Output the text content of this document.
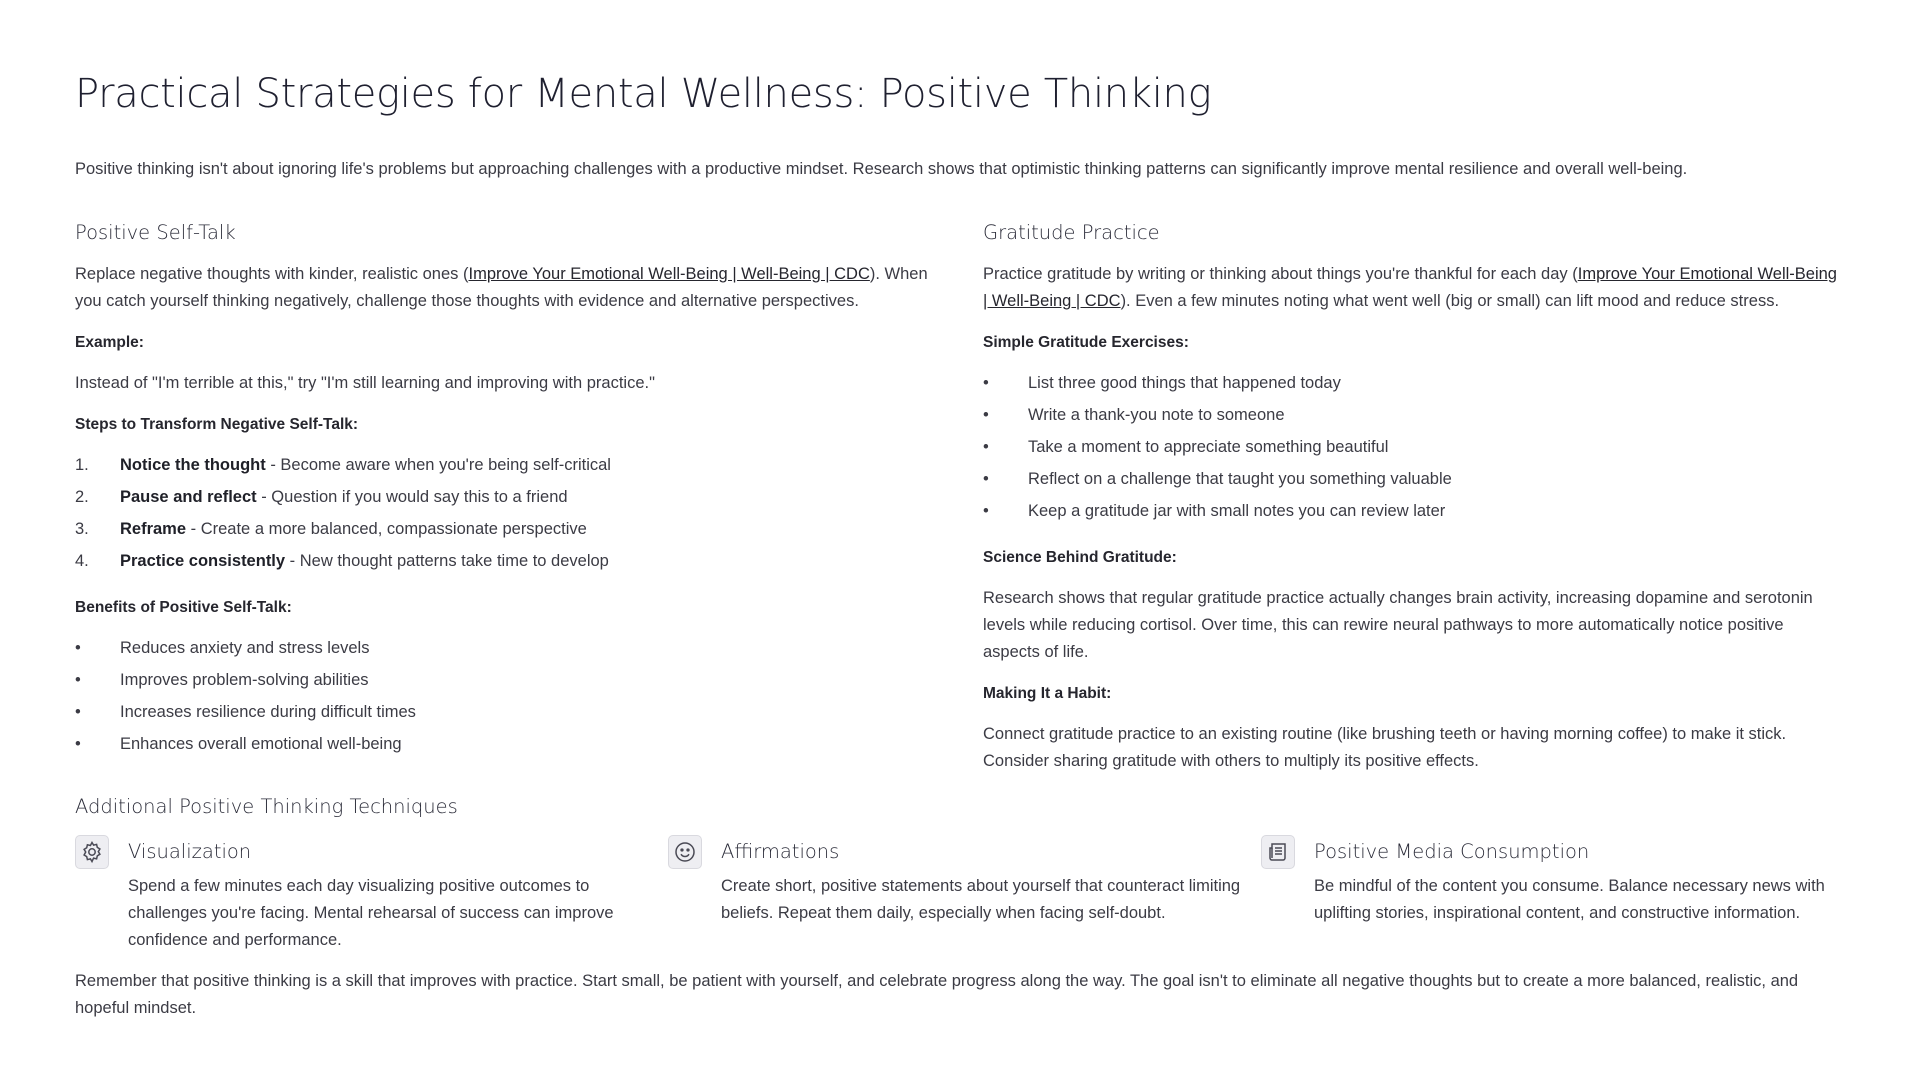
Practical Strategies for Mental Wellness: Positive Thinking

Positive thinking isn't about ignoring life's problems but approaching challenges with a productive mindset. Research shows that optimistic thinking patterns can significantly improve mental resilience and overall well-being.

Positive Self-Talk

Replace negative thoughts with kinder, realistic ones (Improve Your Emotional Well-Being | Well-Being | CDC). When you catch yourself thinking negatively, challenge those thoughts with evidence and alternative perspectives.

Example:

Instead of "I'm terrible at this," try "I'm still learning and improving with practice."

Steps to Transform Negative Self-Talk:

1. Notice the thought - Become aware when you're being self-critical
2. Pause and reflect - Question if you would say this to a friend
3. Reframe - Create a more balanced, compassionate perspective
4. Practice consistently - New thought patterns take time to develop

Benefits of Positive Self-Talk:

• Reduces anxiety and stress levels
• Improves problem-solving abilities
• Increases resilience during difficult times
• Enhances overall emotional well-being
Gratitude Practice

Practice gratitude by writing or thinking about things you're thankful for each day (Improve Your Emotional Well-Being | Well-Being | CDC). Even a few minutes noting what went well (big or small) can lift mood and reduce stress.

Simple Gratitude Exercises:

• List three good things that happened today
• Write a thank-you note to someone
• Take a moment to appreciate something beautiful
• Reflect on a challenge that taught you something valuable
• Keep a gratitude jar with small notes you can review later

Science Behind Gratitude:

Research shows that regular gratitude practice actually changes brain activity, increasing dopamine and serotonin levels while reducing cortisol. Over time, this can rewire neural pathways to more automatically notice positive aspects of life.

Making It a Habit:

Connect gratitude practice to an existing routine (like brushing teeth or having morning coffee) to make it stick. Consider sharing gratitude with others to multiply its positive effects.

Additional Positive Thinking Techniques
Visualization

Spend a few minutes each day visualizing positive outcomes to challenges you're facing. Mental rehearsal of success can improve confidence and performance.

Affirmations

Create short, positive statements about yourself that counteract limiting beliefs. Repeat them daily, especially when facing self-doubt.

Positive Media Consumption

Be mindful of the content you consume. Balance necessary news with uplifting stories, inspirational content, and constructive information.

Remember that positive thinking is a skill that improves with practice. Start small, be patient with yourself, and celebrate progress along the way. The goal isn't to eliminate all negative thoughts but to create a more balanced, realistic, and hopeful mindset.
